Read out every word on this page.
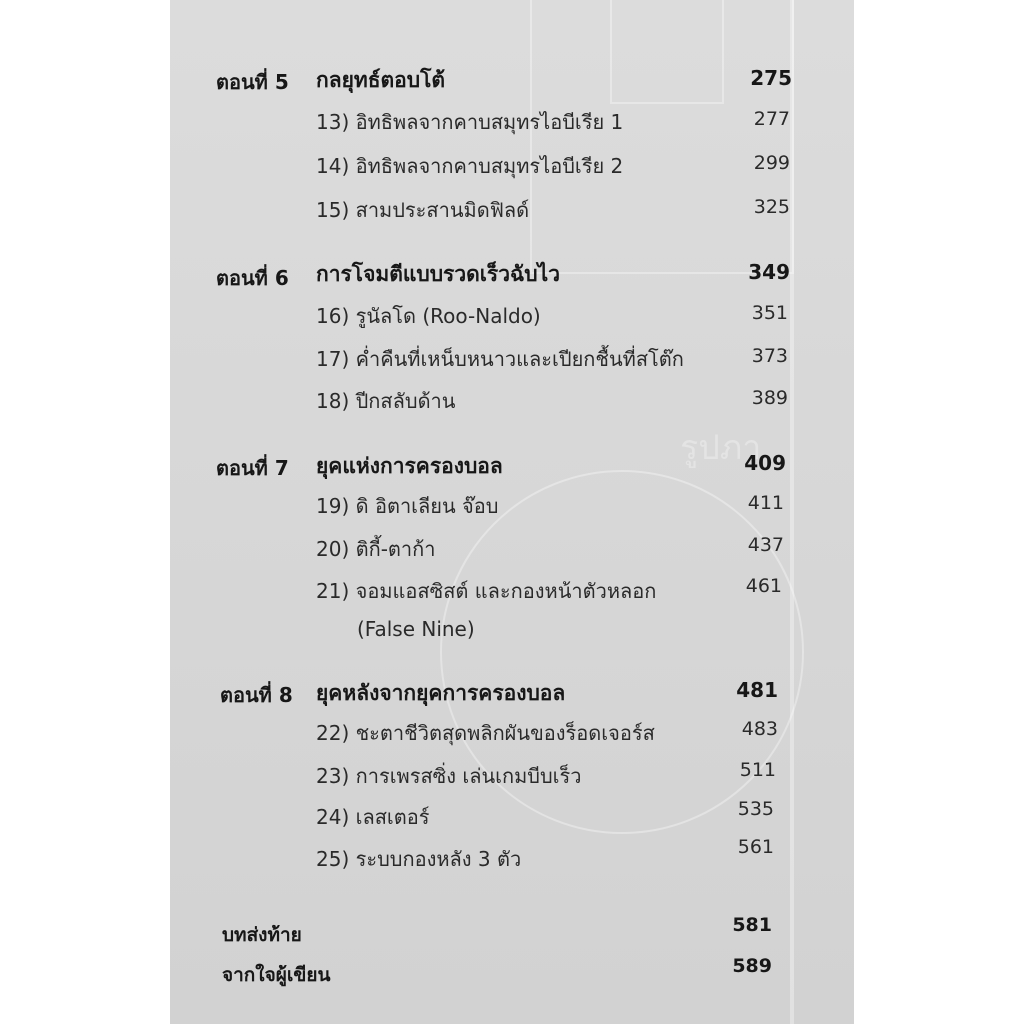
รูปภา
ตอนที่ 5 กลยุทธ์ตอบโต้	275
13) อิทธิพลจากคาบสมุทรไอบีเรีย 1	277
14) อิทธิพลจากคาบสมุทรไอบีเรีย 2	299
15) สามประสานมิดฟิลด์	325
ตอนที่ 6 การโจมตีแบบรวดเร็วฉับไว	349
16) รูนัลโด (Roo-Naldo)	351
17) ค่ำคืนที่เหน็บหนาวและเปียกชื้นที่สโต๊ก	373
18) ปีกสลับด้าน	389
ตอนที่ 7 ยุคแห่งการครองบอล	409
19) ดิ อิตาเลียน จ๊อบ	411
20) ติกี้-ตาก้า	437
21) จอมแอสซิสต์ และกองหน้าตัวหลอก	461
(False Nine)
ตอนที่ 8 ยุคหลังจากยุคการครองบอล	481
22) ชะตาชีวิตสุดพลิกผันของร็อดเจอร์ส	483
23) การเพรสซิ่ง เล่นเกมบีบเร็ว	511
24) เลสเตอร์	535
25) ระบบกองหลัง 3 ตัว	561
บทส่งท้าย	581
จากใจผู้เขียน	589
